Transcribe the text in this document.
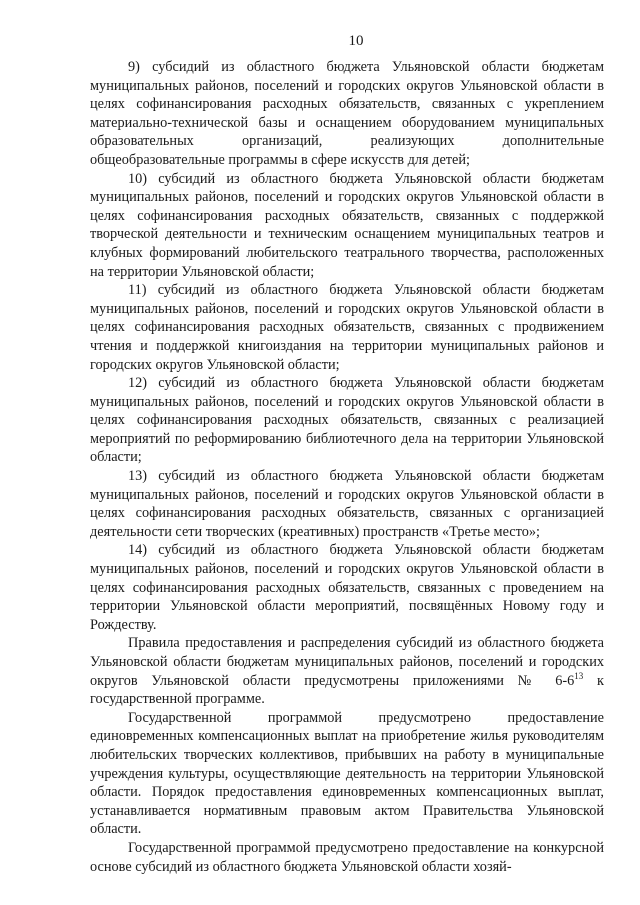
10

9) субсидий из областного бюджета Ульяновской области бюджетам муниципальных районов, поселений и городских округов Ульяновской области в целях софинансирования расходных обязательств, связанных с укреплением материально-технической базы и оснащением оборудованием муниципальных образовательных организаций, реализующих дополнительные общеобразовательные программы в сфере искусств для детей;

10) субсидий из областного бюджета Ульяновской области бюджетам муниципальных районов, поселений и городских округов Ульяновской области в целях софинансирования расходных обязательств, связанных с поддержкой творческой деятельности и техническим оснащением муниципальных театров и клубных формирований любительского театрального творчества, расположенных на территории Ульяновской области;

11) субсидий из областного бюджета Ульяновской области бюджетам муниципальных районов, поселений и городских округов Ульяновской области в целях софинансирования расходных обязательств, связанных с продвижением чтения и поддержкой книгоиздания на территории муниципальных районов и городских округов Ульяновской области;

12) субсидий из областного бюджета Ульяновской области бюджетам муниципальных районов, поселений и городских округов Ульяновской области в целях софинансирования расходных обязательств, связанных с реализацией мероприятий по реформированию библиотечного дела на территории Ульяновской области;

13) субсидий из областного бюджета Ульяновской области бюджетам муниципальных районов, поселений и городских округов Ульяновской области в целях софинансирования расходных обязательств, связанных с организацией деятельности сети творческих (креативных) пространств «Третье место»;

14) субсидий из областного бюджета Ульяновской области бюджетам муниципальных районов, поселений и городских округов Ульяновской области в целях софинансирования расходных обязательств, связанных с проведением на территории Ульяновской области мероприятий, посвящённых Новому году и Рождеству.

Правила предоставления и распределения субсидий из областного бюджета Ульяновской области бюджетам муниципальных районов, поселений и городских округов Ульяновской области предусмотрены приложениями № $6-6^{13}$ к государственной программе.

Государственной программой предусмотрено предоставление единовременных компенсационных выплат на приобретение жилья руководителям любительских творческих коллективов, прибывших на работу в муниципальные учреждения культуры, осуществляющие деятельность на территории Ульяновской области. Порядок предоставления единовременных компенсационных выплат, устанавливается нормативным правовым актом Правительства Ульяновской области.

Государственной программой предусмотрено предоставление на конкурсной основе субсидий из областного бюджета Ульяновской области хозяй-
